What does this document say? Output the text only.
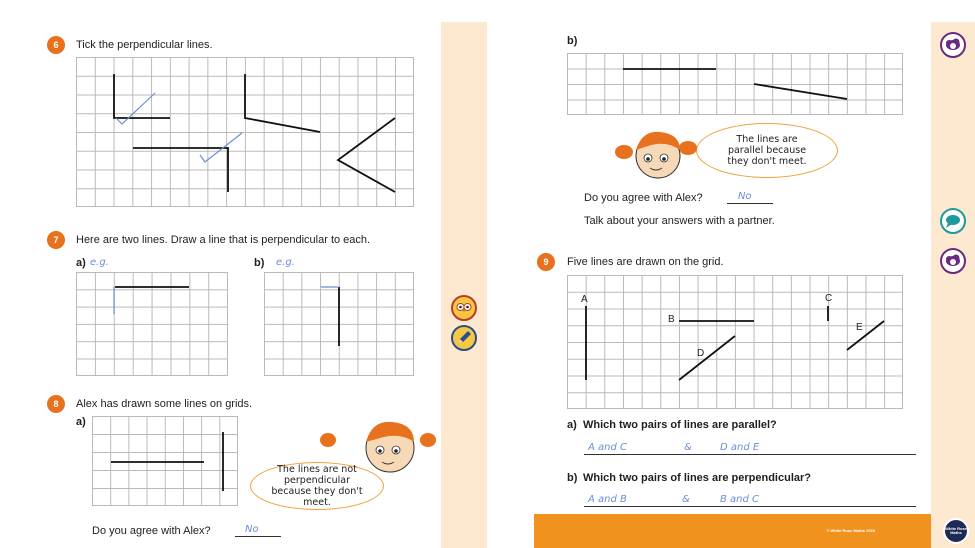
6	Tick the perpendicular lines.
7	Here are two lines. Draw a line that is perpendicular to each.
a) e.g.	b) e.g.
8	Alex has drawn some lines on grids.
a)
The lines are not perpendicular because they don't meet.
Do you agree with Alex?	No
b)
The lines are parallel because they don't meet.
Do you agree with Alex?	No
Talk about your answers with a partner.
9	Five lines are drawn on the grid.
A
B
C
D
E
a) Which two pairs of lines are parallel?
A and C	&	D and E
b) Which two pairs of lines are perpendicular?
A and B	&	B and C
© White Rose Maths 2020	White Rose Maths
